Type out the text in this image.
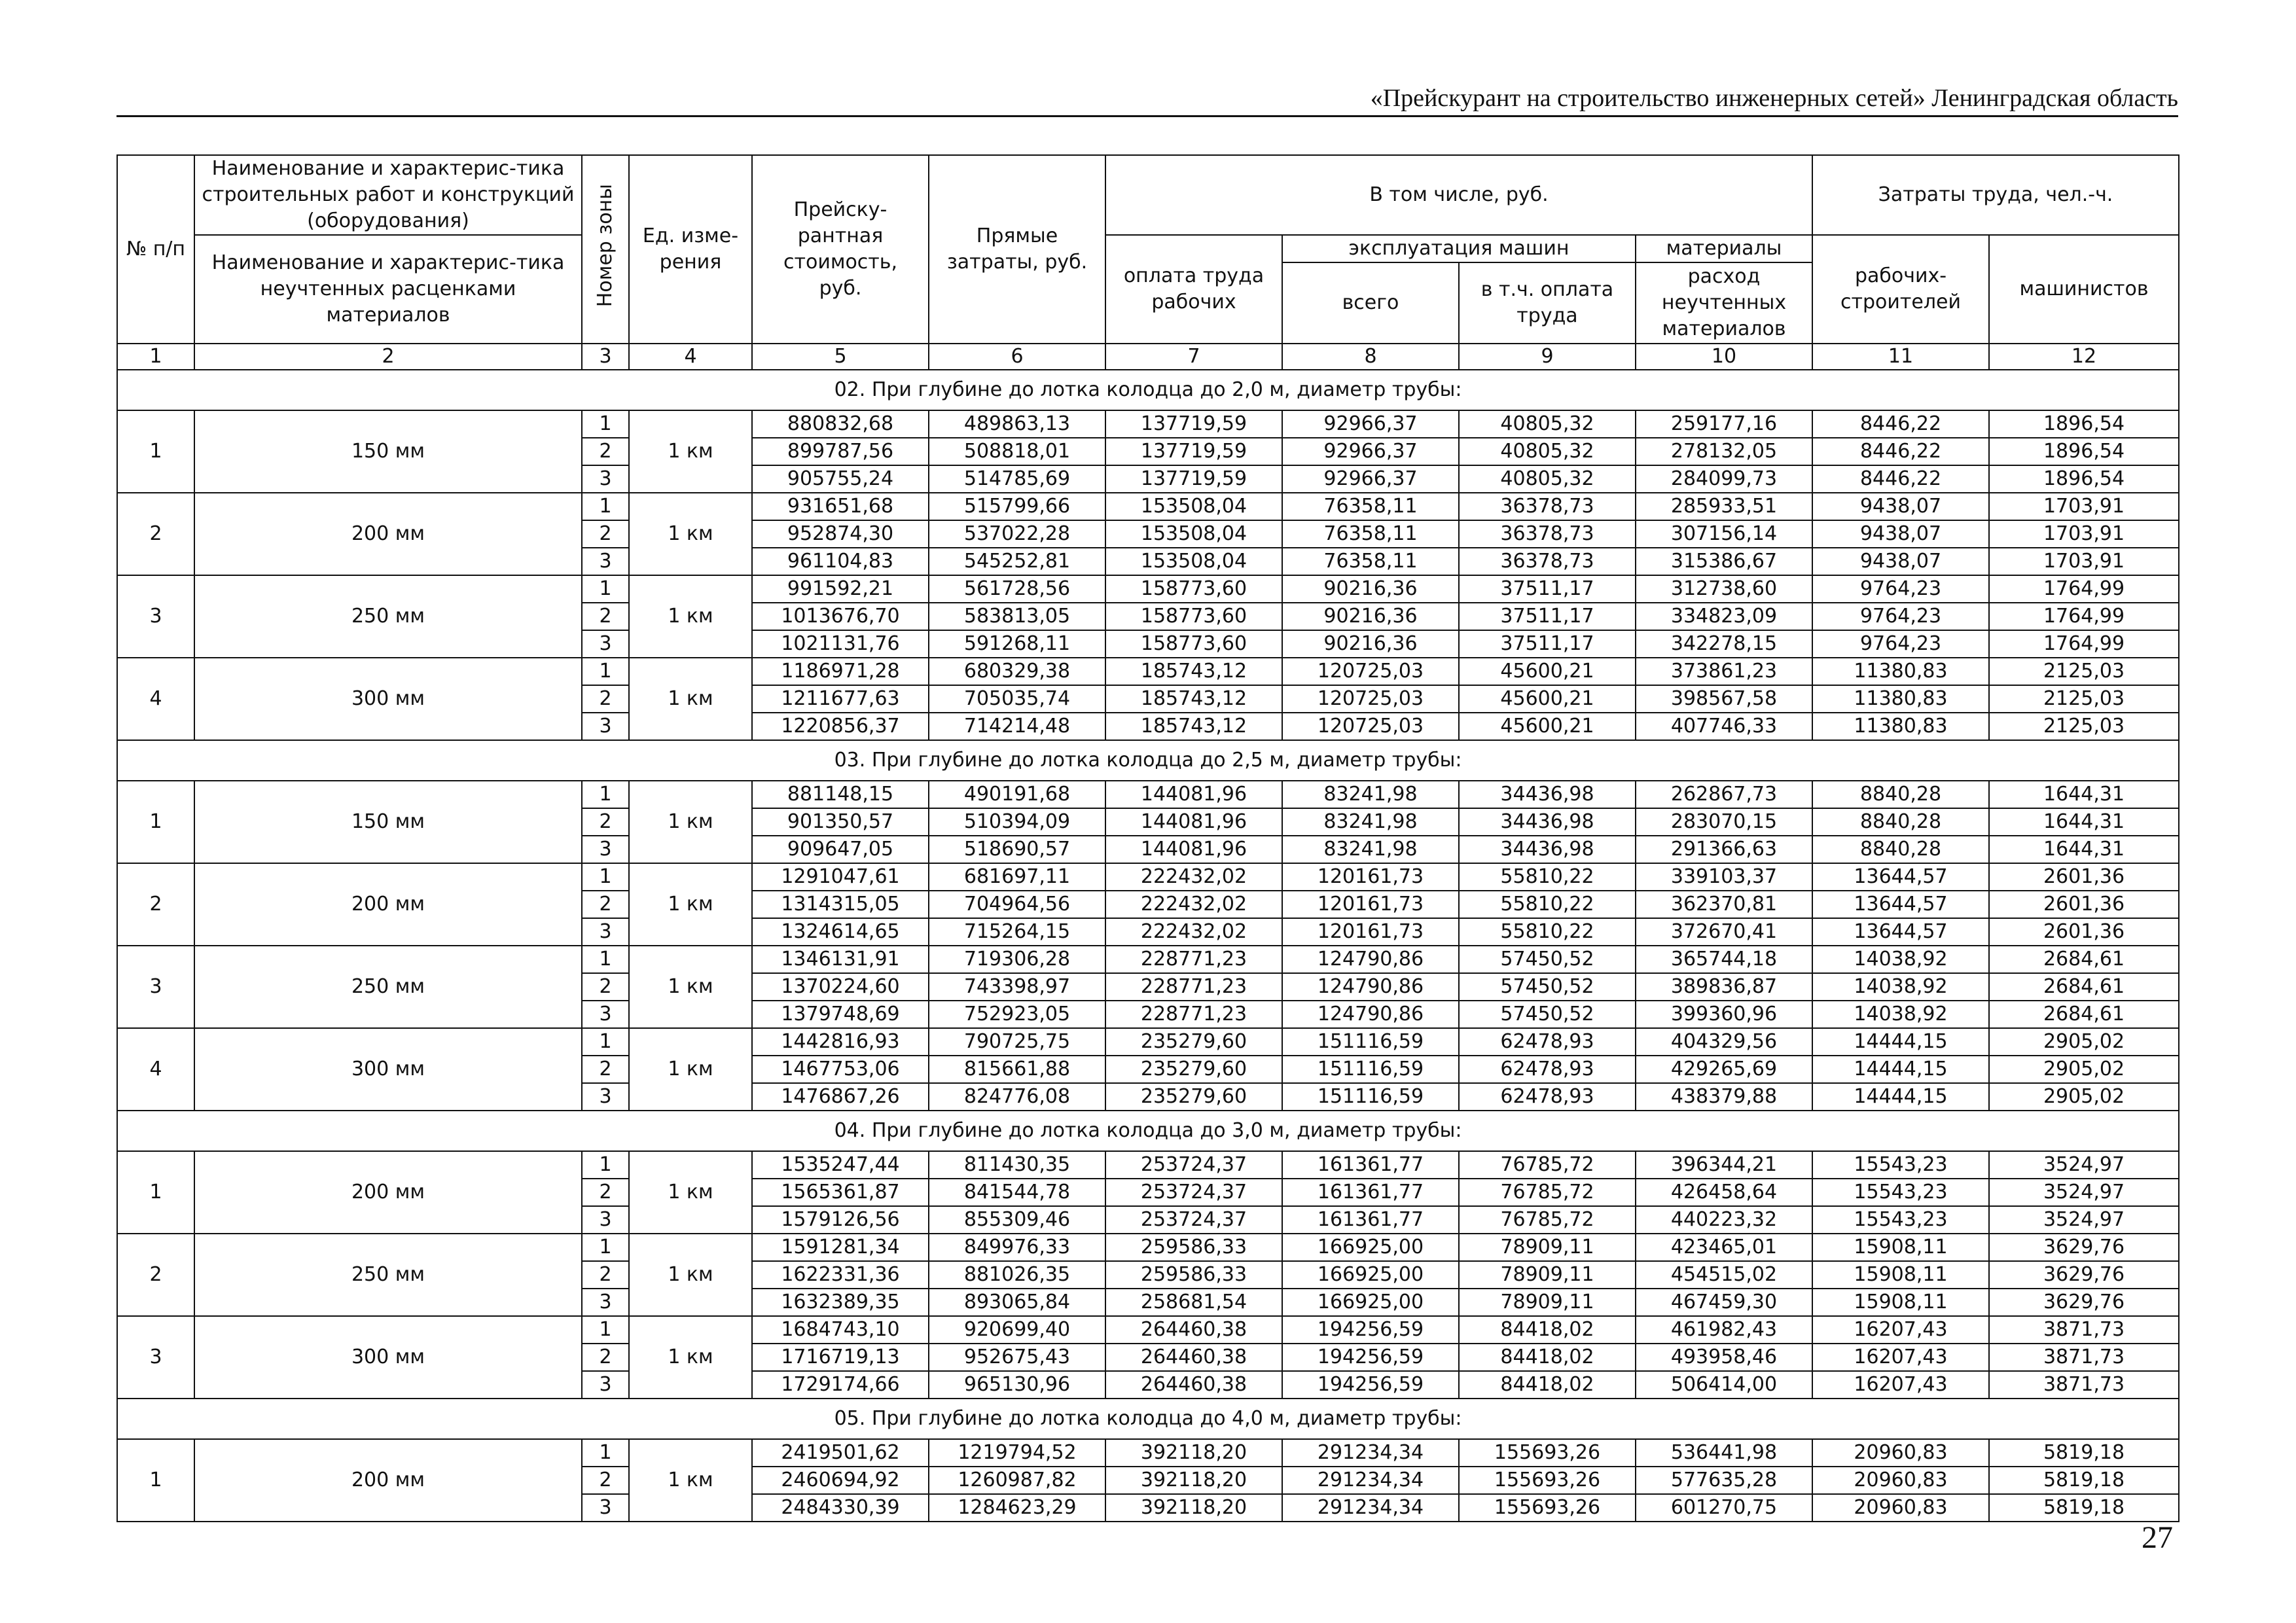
«Прейскурант на строительство инженерных сетей» Ленинградская область
№ п/п	Наименование и характерис-тика строительных работ и конструкций (оборудования)	Номер зоны	Ед. изме-рения	Прейску-рантная стоимость, руб.	Прямые затраты, руб.	В том числе, руб.				Затраты труда, чел.-ч.	
	Наименование и характерис-тика неучтенных расценками материалов					оплата труда рабочих	эксплуатация машин		материалы	рабочих-строителей	машинистов
							всего	в т.ч. оплата труда	расход неучтенных материалов		
1	2	3	4	5	6	7	8	9	10	11	12
02. При глубине до лотка колодца до 2,0 м, диаметр трубы:											
1	150 мм	1	1 км	880832,68	489863,13	137719,59	92966,37	40805,32	259177,16	8446,22	1896,54
		2		899787,56	508818,01	137719,59	92966,37	40805,32	278132,05	8446,22	1896,54
		3		905755,24	514785,69	137719,59	92966,37	40805,32	284099,73	8446,22	1896,54
2	200 мм	1	1 км	931651,68	515799,66	153508,04	76358,11	36378,73	285933,51	9438,07	1703,91
		2		952874,30	537022,28	153508,04	76358,11	36378,73	307156,14	9438,07	1703,91
		3		961104,83	545252,81	153508,04	76358,11	36378,73	315386,67	9438,07	1703,91
3	250 мм	1	1 км	991592,21	561728,56	158773,60	90216,36	37511,17	312738,60	9764,23	1764,99
		2		1013676,70	583813,05	158773,60	90216,36	37511,17	334823,09	9764,23	1764,99
		3		1021131,76	591268,11	158773,60	90216,36	37511,17	342278,15	9764,23	1764,99
4	300 мм	1	1 км	1186971,28	680329,38	185743,12	120725,03	45600,21	373861,23	11380,83	2125,03
		2		1211677,63	705035,74	185743,12	120725,03	45600,21	398567,58	11380,83	2125,03
		3		1220856,37	714214,48	185743,12	120725,03	45600,21	407746,33	11380,83	2125,03
03. При глубине до лотка колодца до 2,5 м, диаметр трубы:											
1	150 мм	1	1 км	881148,15	490191,68	144081,96	83241,98	34436,98	262867,73	8840,28	1644,31
		2		901350,57	510394,09	144081,96	83241,98	34436,98	283070,15	8840,28	1644,31
		3		909647,05	518690,57	144081,96	83241,98	34436,98	291366,63	8840,28	1644,31
2	200 мм	1	1 км	1291047,61	681697,11	222432,02	120161,73	55810,22	339103,37	13644,57	2601,36
		2		1314315,05	704964,56	222432,02	120161,73	55810,22	362370,81	13644,57	2601,36
		3		1324614,65	715264,15	222432,02	120161,73	55810,22	372670,41	13644,57	2601,36
3	250 мм	1	1 км	1346131,91	719306,28	228771,23	124790,86	57450,52	365744,18	14038,92	2684,61
		2		1370224,60	743398,97	228771,23	124790,86	57450,52	389836,87	14038,92	2684,61
		3		1379748,69	752923,05	228771,23	124790,86	57450,52	399360,96	14038,92	2684,61
4	300 мм	1	1 км	1442816,93	790725,75	235279,60	151116,59	62478,93	404329,56	14444,15	2905,02
		2		1467753,06	815661,88	235279,60	151116,59	62478,93	429265,69	14444,15	2905,02
		3		1476867,26	824776,08	235279,60	151116,59	62478,93	438379,88	14444,15	2905,02
04. При глубине до лотка колодца до 3,0 м, диаметр трубы:											
1	200 мм	1	1 км	1535247,44	811430,35	253724,37	161361,77	76785,72	396344,21	15543,23	3524,97
		2		1565361,87	841544,78	253724,37	161361,77	76785,72	426458,64	15543,23	3524,97
		3		1579126,56	855309,46	253724,37	161361,77	76785,72	440223,32	15543,23	3524,97
2	250 мм	1	1 км	1591281,34	849976,33	259586,33	166925,00	78909,11	423465,01	15908,11	3629,76
		2		1622331,36	881026,35	259586,33	166925,00	78909,11	454515,02	15908,11	3629,76
		3		1632389,35	893065,84	258681,54	166925,00	78909,11	467459,30	15908,11	3629,76
3	300 мм	1	1 км	1684743,10	920699,40	264460,38	194256,59	84418,02	461982,43	16207,43	3871,73
		2		1716719,13	952675,43	264460,38	194256,59	84418,02	493958,46	16207,43	3871,73
		3		1729174,66	965130,96	264460,38	194256,59	84418,02	506414,00	16207,43	3871,73
05. При глубине до лотка колодца до 4,0 м, диаметр трубы:											
1	200 мм	1	1 км	2419501,62	1219794,52	392118,20	291234,34	155693,26	536441,98	20960,83	5819,18
		2		2460694,92	1260987,82	392118,20	291234,34	155693,26	577635,28	20960,83	5819,18
		3		2484330,39	1284623,29	392118,20	291234,34	155693,26	601270,75	20960,83	5819,18
27
